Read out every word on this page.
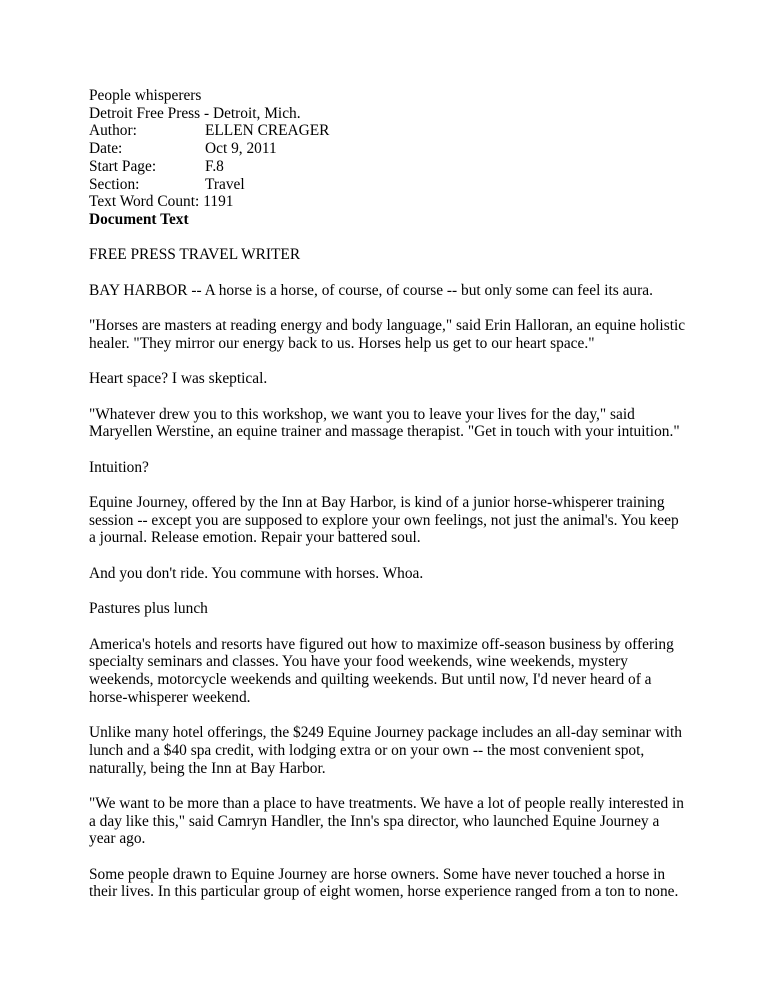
People whisperers
Detroit Free Press - Detroit, Mich.
Author:	ELLEN CREAGER
Date:	Oct 9, 2011
Start Page:	F.8
Section:	Travel
Text Word Count: 1191
Document Text

FREE PRESS TRAVEL WRITER

BAY HARBOR -- A horse is a horse, of course, of course -- but only some can feel its aura.

"Horses are masters at reading energy and body language," said Erin Halloran, an equine holistic healer. "They mirror our energy back to us. Horses help us get to our heart space."

Heart space? I was skeptical.

"Whatever drew you to this workshop, we want you to leave your lives for the day," said Maryellen Werstine, an equine trainer and massage therapist. "Get in touch with your intuition."

Intuition?

Equine Journey, offered by the Inn at Bay Harbor, is kind of a junior horse-whisperer training session -- except you are supposed to explore your own feelings, not just the animal's. You keep a journal. Release emotion. Repair your battered soul.

And you don't ride. You commune with horses. Whoa.

Pastures plus lunch

America's hotels and resorts have figured out how to maximize off-season business by offering specialty seminars and classes. You have your food weekends, wine weekends, mystery weekends, motorcycle weekends and quilting weekends. But until now, I'd never heard of a horse-whisperer weekend.

Unlike many hotel offerings, the $249 Equine Journey package includes an all-day seminar with lunch and a $40 spa credit, with lodging extra or on your own -- the most convenient spot, naturally, being the Inn at Bay Harbor.

"We want to be more than a place to have treatments. We have a lot of people really interested in a day like this," said Camryn Handler, the Inn's spa director, who launched Equine Journey a year ago.

Some people drawn to Equine Journey are horse owners. Some have never touched a horse in their lives. In this particular group of eight women, horse experience ranged from a ton to none.
